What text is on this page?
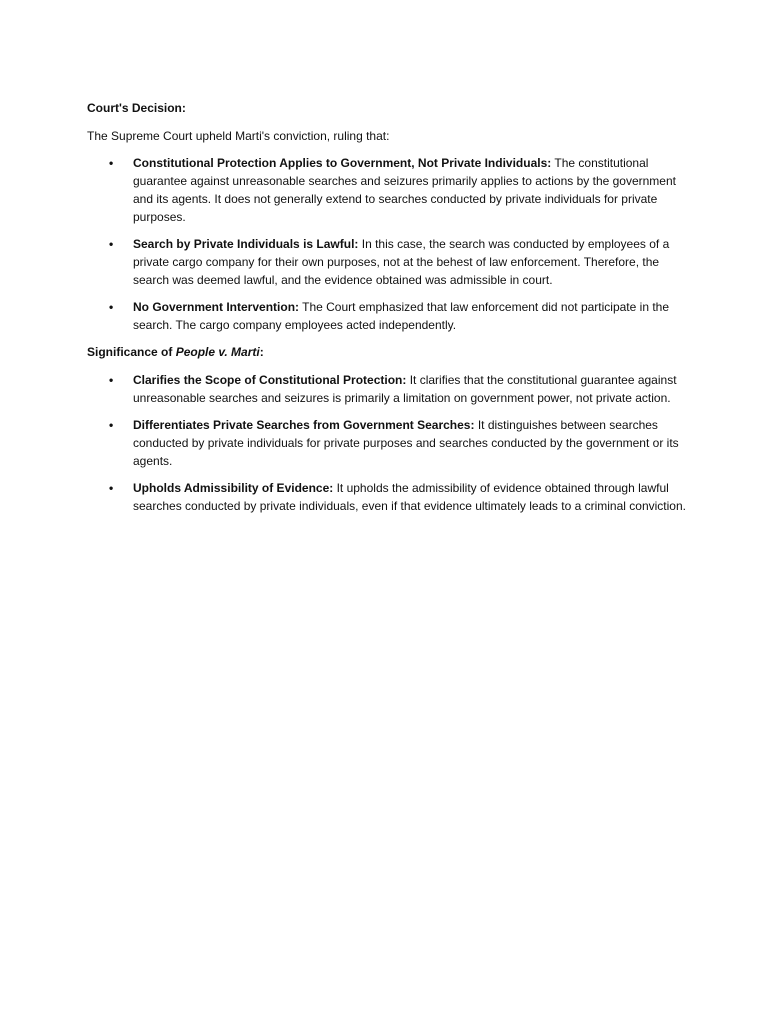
Court's Decision:

The Supreme Court upheld Marti's conviction, ruling that:

• Constitutional Protection Applies to Government, Not Private Individuals: The constitutional guarantee against unreasonable searches and seizures primarily applies to actions by the government and its agents. It does not generally extend to searches conducted by private individuals for private purposes.
• Search by Private Individuals is Lawful: In this case, the search was conducted by employees of a private cargo company for their own purposes, not at the behest of law enforcement. Therefore, the search was deemed lawful, and the evidence obtained was admissible in court.
• No Government Intervention: The Court emphasized that law enforcement did not participate in the search. The cargo company employees acted independently.

Significance of People v. Marti:

• Clarifies the Scope of Constitutional Protection: It clarifies that the constitutional guarantee against unreasonable searches and seizures is primarily a limitation on government power, not private action.
• Differentiates Private Searches from Government Searches: It distinguishes between searches conducted by private individuals for private purposes and searches conducted by the government or its agents.
• Upholds Admissibility of Evidence: It upholds the admissibility of evidence obtained through lawful searches conducted by private individuals, even if that evidence ultimately leads to a criminal conviction.
